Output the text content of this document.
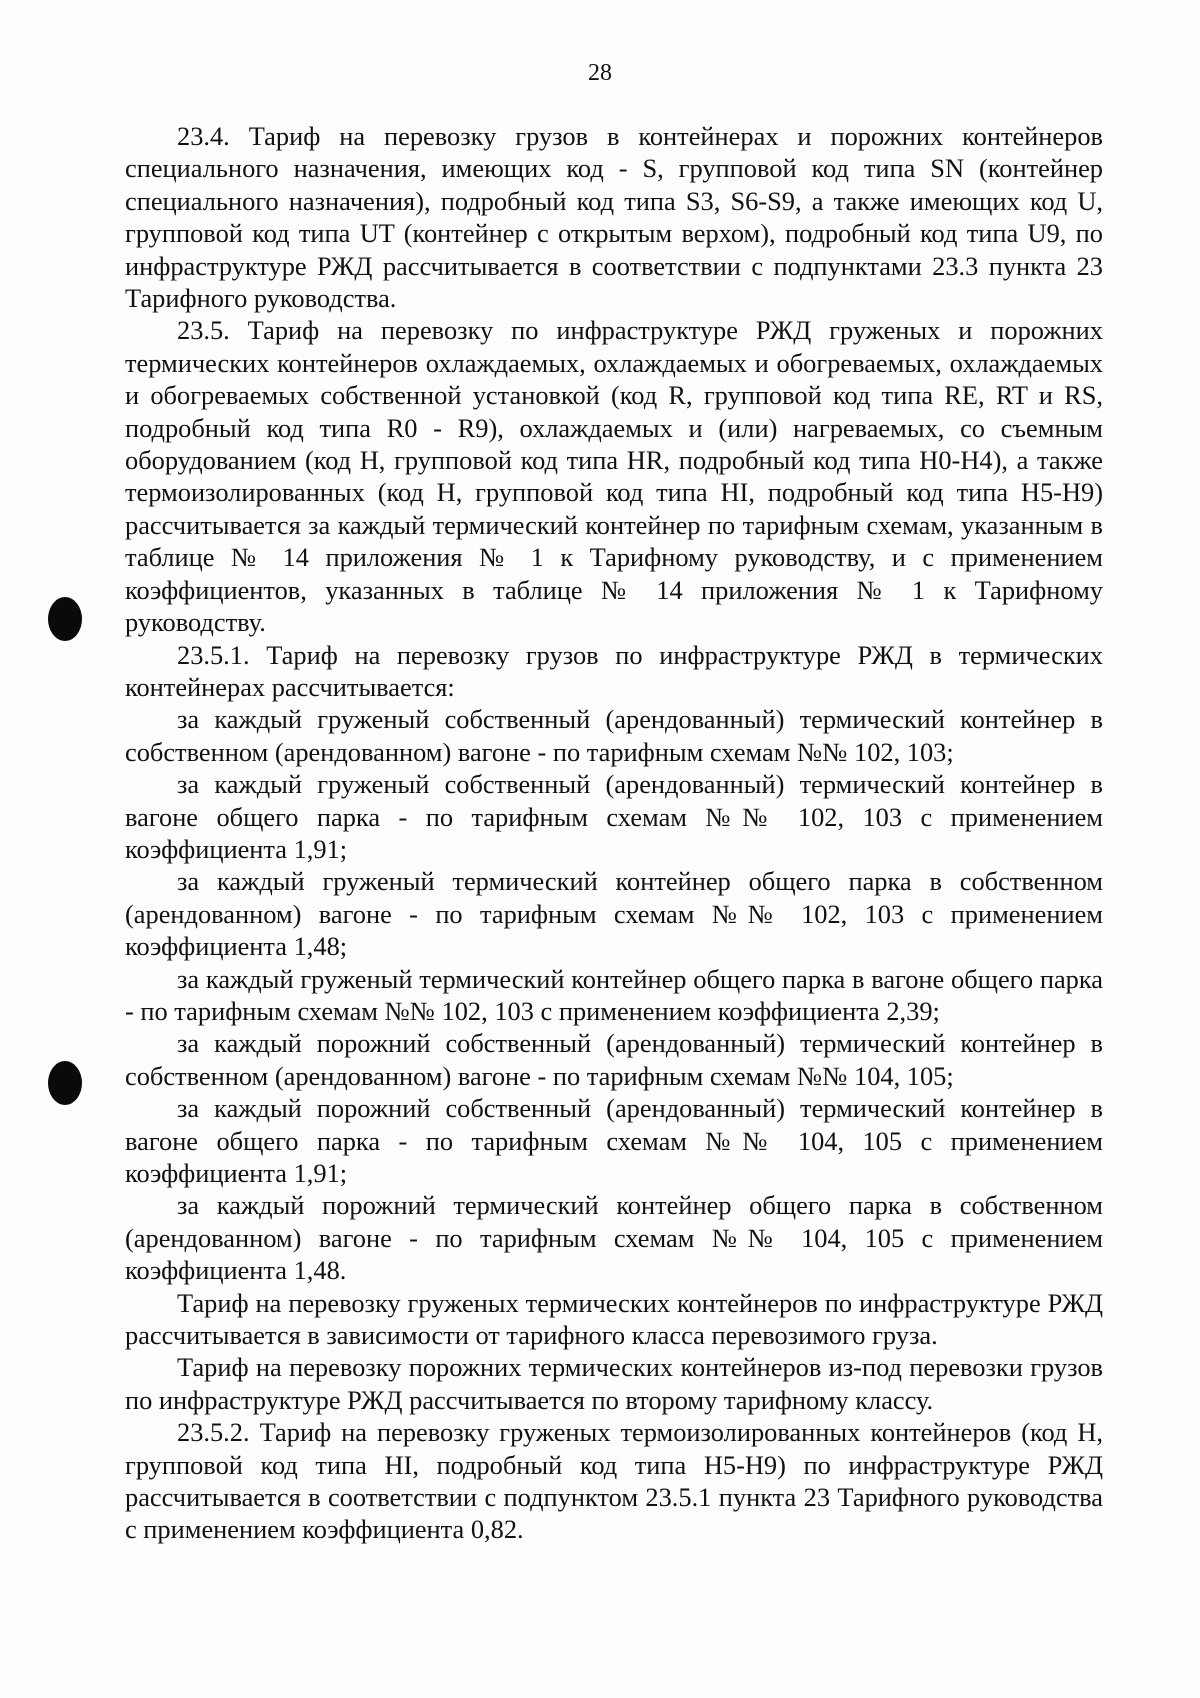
28

23.4. Тариф на перевозку грузов в контейнерах и порожних контейнеров специального назначения, имеющих код - S, групповой код типа SN (контейнер специального назначения), подробный код типа S3, S6-S9, а также имеющих код U, групповой код типа UT (контейнер с открытым верхом), подробный код типа U9, по инфраструктуре РЖД рассчитывается в соответствии с подпунктами 23.3 пункта 23 Тарифного руководства.

23.5. Тариф на перевозку по инфраструктуре РЖД груженых и порожних термических контейнеров охлаждаемых, охлаждаемых и обогреваемых, охлаждаемых и обогреваемых собственной установкой (код R, групповой код типа RE, RT и RS, подробный код типа R0 - R9), охлаждаемых и (или) нагреваемых, со съемным оборудованием (код H, групповой код типа HR, подробный код типа H0-H4), а также термоизолированных (код H, групповой код типа HI, подробный код типа H5-H9) рассчитывается за каждый термический контейнер по тарифным схемам, указанным в таблице № 14 приложения № 1 к Тарифному руководству, и с применением коэффициентов, указанных в таблице № 14 приложения № 1 к Тарифному руководству.

23.5.1. Тариф на перевозку грузов по инфраструктуре РЖД в термических контейнерах рассчитывается:

за каждый груженый собственный (арендованный) термический контейнер в собственном (арендованном) вагоне - по тарифным схемам №№ 102, 103;

за каждый груженый собственный (арендованный) термический контейнер в вагоне общего парка - по тарифным схемам №№ 102, 103 с применением коэффициента 1,91;

за каждый груженый термический контейнер общего парка в собственном (арендованном) вагоне - по тарифным схемам №№ 102, 103 с применением коэффициента 1,48;

за каждый груженый термический контейнер общего парка в вагоне общего парка - по тарифным схемам №№ 102, 103 с применением коэффициента 2,39;

за каждый порожний собственный (арендованный) термический контейнер в собственном (арендованном) вагоне - по тарифным схемам №№ 104, 105;

за каждый порожний собственный (арендованный) термический контейнер в вагоне общего парка - по тарифным схемам №№ 104, 105 с применением коэффициента 1,91;

за каждый порожний термический контейнер общего парка в собственном (арендованном) вагоне - по тарифным схемам №№ 104, 105 с применением коэффициента 1,48.

Тариф на перевозку груженых термических контейнеров по инфраструктуре РЖД рассчитывается в зависимости от тарифного класса перевозимого груза.

Тариф на перевозку порожних термических контейнеров из-под перевозки грузов по инфраструктуре РЖД рассчитывается по второму тарифному классу.

23.5.2. Тариф на перевозку груженых термоизолированных контейнеров (код H, групповой код типа HI, подробный код типа H5-H9) по инфраструктуре РЖД рассчитывается в соответствии с подпунктом 23.5.1 пункта 23 Тарифного руководства с применением коэффициента 0,82.
